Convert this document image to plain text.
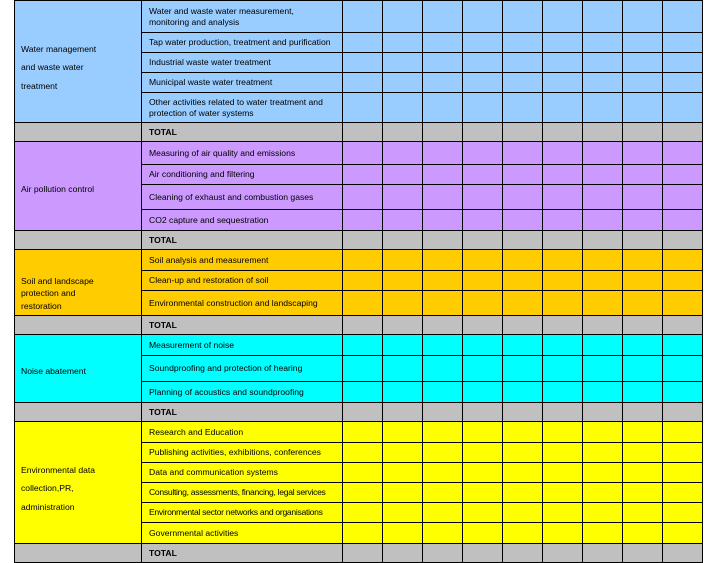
Water management
and waste water
treatment	Water and waste water measurement, monitoring and analysis									
	Tap water production, treatment and purification									
	Industrial waste water treatment									
	Municipal waste water treatment									
	Other activities related to water treatment and protection of water systems									
	TOTAL									

Air pollution control	Measuring of air quality and emissions									
	Air conditioning and filtering									
	Cleaning of exhaust and combustion gases									
	CO2 capture and sequestration									
	TOTAL									

Soil and landscape
protection and
restoration	Soil analysis and measurement									
	Clean-up and restoration of soil									
	Environmental construction and landscaping									
	TOTAL									

Noise abatement	Measurement of noise									
	Soundproofing and protection of hearing									
	Planning of acoustics and soundproofing									
	TOTAL									

Environmental data
collection,PR,
administration	Research and Education									
	Publishing activities, exhibitions, conferences									
	Data and communication systems									
	Consulting, assessments, financing, legal services									
	Environmental sector networks and organisations									
	Governmental activities									
	TOTAL									
